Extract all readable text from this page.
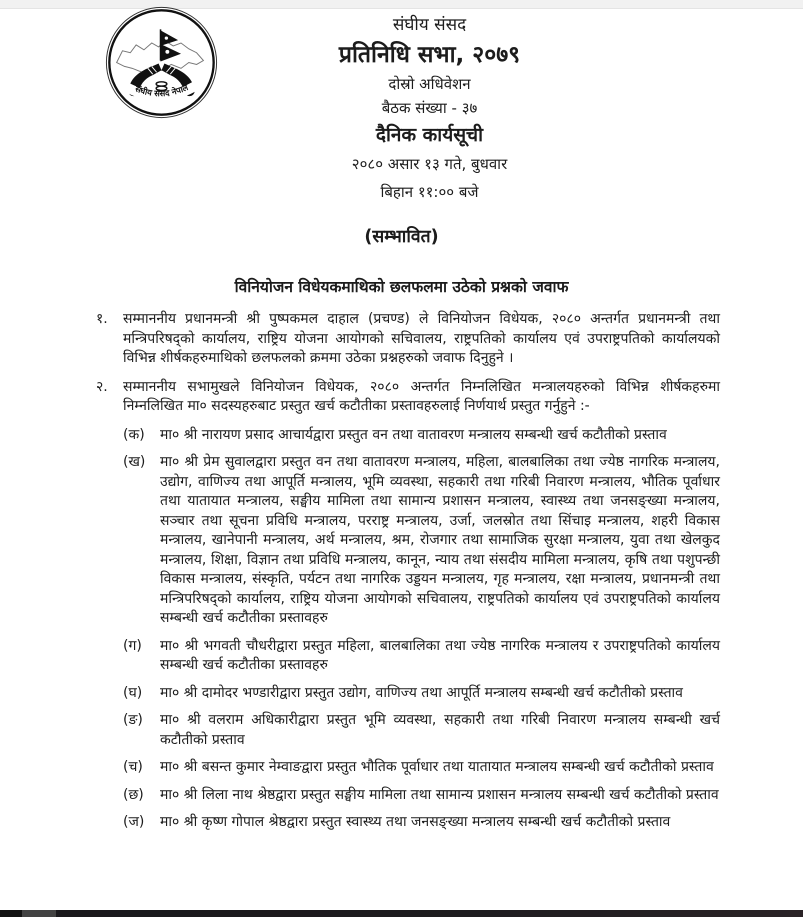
संघीय संसद नेपाल
संघीय संसद
प्रतिनिधि सभा, २०७९
दोस्रो अधिवेशन
बैठक संख्या - ३७
दैनिक कार्यसूची
२०८० असार १३ गते, बुधवार
बिहान ११:०० बजे
(सम्भावित)
विनियोजन विधेयकमाथिको छलफलमा उठेको प्रश्नको जवाफ
१. सम्माननीय प्रधानमन्त्री श्री पुष्पकमल दाहाल (प्रचण्ड) ले विनियोजन विधेयक, २०८० अन्तर्गत प्रधानमन्त्री तथा मन्त्रिपरिषद्को कार्यालय, राष्ट्रिय योजना आयोगको सचिवालय, राष्ट्रपतिको कार्यालय एवं उपराष्ट्रपतिको कार्यालयको विभिन्न शीर्षकहरुमाथिको छलफलको क्रममा उठेका प्रश्नहरुको जवाफ दिनुहुने ।
२. सम्माननीय सभामुखले विनियोजन विधेयक, २०८० अन्तर्गत निम्नलिखित मन्त्रालयहरुको विभिन्न शीर्षकहरुमा निम्नलिखित मा० सदस्यहरुबाट प्रस्तुत खर्च कटौतीका प्रस्तावहरुलाई निर्णयार्थ प्रस्तुत गर्नुहुने :-
(क) मा० श्री नारायण प्रसाद आचार्यद्वारा प्रस्तुत वन तथा वातावरण मन्त्रालय सम्बन्धी खर्च कटौतीको प्रस्ताव
(ख) मा० श्री प्रेम सुवालद्वारा प्रस्तुत वन तथा वातावरण मन्त्रालय, महिला, बालबालिका तथा ज्येष्ठ नागरिक मन्त्रालय, उद्योग, वाणिज्य तथा आपूर्ति मन्त्रालय, भूमि व्यवस्था, सहकारी तथा गरिबी निवारण मन्त्रालय, भौतिक पूर्वाधार तथा यातायात मन्त्रालय, सङ्घीय मामिला तथा सामान्य प्रशासन मन्त्रालय, स्वास्थ्य तथा जनसङ्ख्या मन्त्रालय, सञ्चार तथा सूचना प्रविधि मन्त्रालय, परराष्ट्र मन्त्रालय, उर्जा, जलस्रोत तथा सिंचाइ मन्त्रालय, शहरी विकास मन्त्रालय, खानेपानी मन्त्रालय, अर्थ मन्त्रालय, श्रम, रोजगार तथा सामाजिक सुरक्षा मन्त्रालय, युवा तथा खेलकुद मन्त्रालय, शिक्षा, विज्ञान तथा प्रविधि मन्त्रालय, कानून, न्याय तथा संसदीय मामिला मन्त्रालय, कृषि तथा पशुपन्छी विकास मन्त्रालय, संस्कृति, पर्यटन तथा नागरिक उड्डयन मन्त्रालय, गृह मन्त्रालय, रक्षा मन्त्रालय, प्रधानमन्त्री तथा मन्त्रिपरिषद्को कार्यालय, राष्ट्रिय योजना आयोगको सचिवालय, राष्ट्रपतिको कार्यालय एवं उपराष्ट्रपतिको कार्यालय सम्बन्धी खर्च कटौतीका प्रस्तावहरु
(ग) मा० श्री भगवती चौधरीद्वारा प्रस्तुत महिला, बालबालिका तथा ज्येष्ठ नागरिक मन्त्रालय र उपराष्ट्रपतिको कार्यालय सम्बन्धी खर्च कटौतीका प्रस्तावहरु
(घ) मा० श्री दामोदर भण्डारीद्वारा प्रस्तुत उद्योग, वाणिज्य तथा आपूर्ति मन्त्रालय सम्बन्धी खर्च कटौतीको प्रस्ताव
(ङ) मा० श्री वलराम अधिकारीद्वारा प्रस्तुत भूमि व्यवस्था, सहकारी तथा गरिबी निवारण मन्त्रालय सम्बन्धी खर्च कटौतीको प्रस्ताव
(च) मा० श्री बसन्त कुमार नेम्वाङद्वारा प्रस्तुत भौतिक पूर्वाधार तथा यातायात मन्त्रालय सम्बन्धी खर्च कटौतीको प्रस्ताव
(छ) मा० श्री लिला नाथ श्रेष्ठद्वारा प्रस्तुत सङ्घीय मामिला तथा सामान्य प्रशासन मन्त्रालय सम्बन्धी खर्च कटौतीको प्रस्ताव
(ज) मा० श्री कृष्ण गोपाल श्रेष्ठद्वारा प्रस्तुत स्वास्थ्य तथा जनसङ्ख्या मन्त्रालय सम्बन्धी खर्च कटौतीको प्रस्ताव
